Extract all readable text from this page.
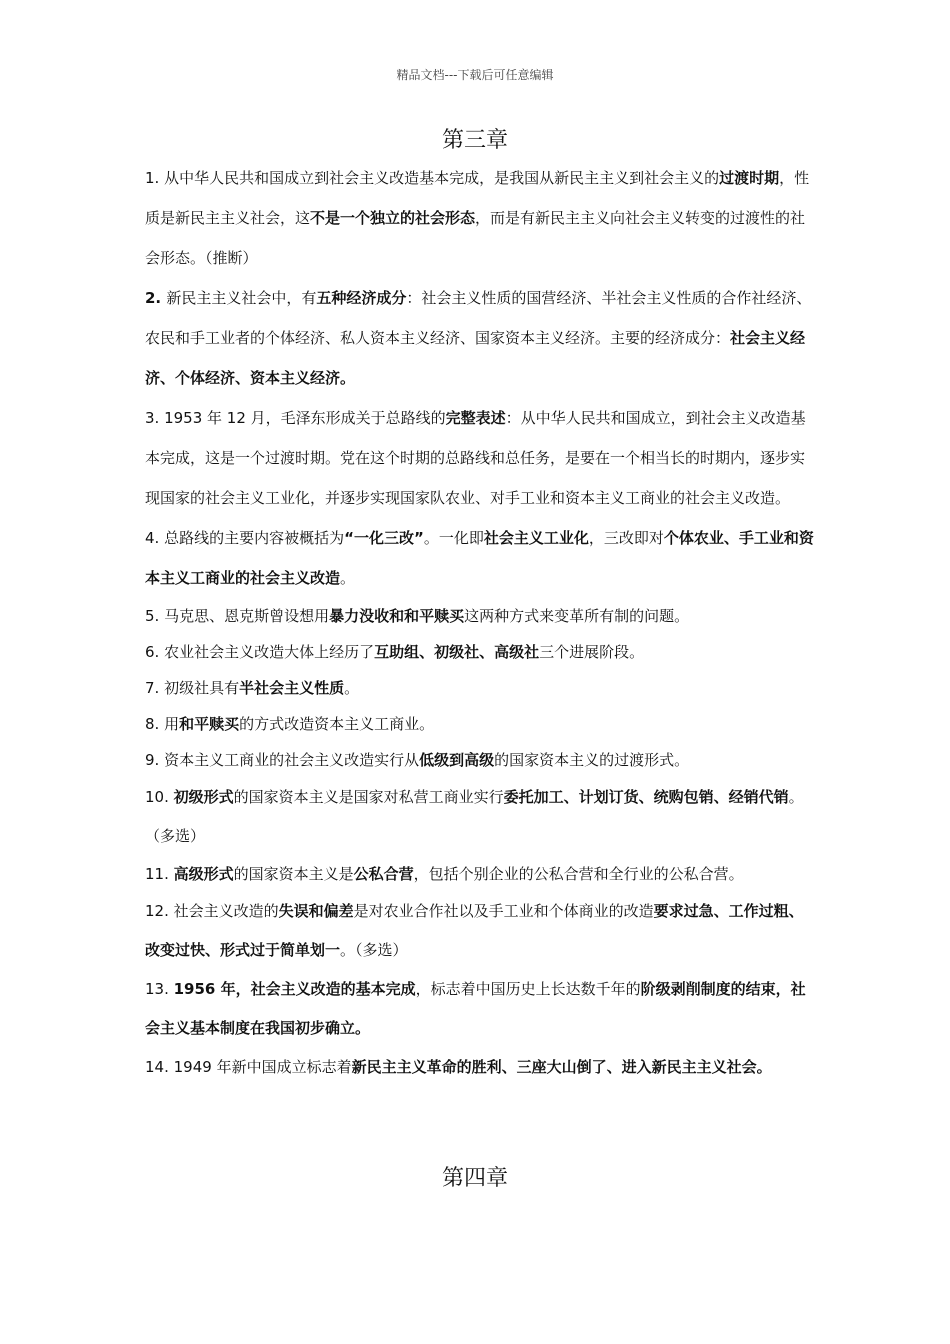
精品文档---下载后可任意编辑
第三章

1. 从中华人民共和国成立到社会主义改造基本完成，是我国从新民主主义到社会主义的过渡时期，性质是新民主主义社会，这不是一个独立的社会形态，而是有新民主主义向社会主义转变的过渡性的社会形态。（推断）

2. 新民主主义社会中，有五种经济成分：社会主义性质的国营经济、半社会主义性质的合作社经济、农民和手工业者的个体经济、私人资本主义经济、国家资本主义经济。主要的经济成分：社会主义经济、个体经济、资本主义经济。

3. 1953 年 12 月，毛泽东形成关于总路线的完整表述：从中华人民共和国成立，到社会主义改造基本完成，这是一个过渡时期。党在这个时期的总路线和总任务，是要在一个相当长的时期内，逐步实现国家的社会主义工业化，并逐步实现国家队农业、对手工业和资本主义工商业的社会主义改造。

4. 总路线的主要内容被概括为“一化三改”。一化即社会主义工业化，三改即对个体农业、手工业和资本主义工商业的社会主义改造。

5. 马克思、恩克斯曾设想用暴力没收和和平赎买这两种方式来变革所有制的问题。

6. 农业社会主义改造大体上经历了互助组、初级社、高级社三个进展阶段。

7. 初级社具有半社会主义性质。

8. 用和平赎买的方式改造资本主义工商业。

9. 资本主义工商业的社会主义改造实行从低级到高级的国家资本主义的过渡形式。

10. 初级形式的国家资本主义是国家对私营工商业实行委托加工、计划订货、统购包销、经销代销。（多选）

11. 高级形式的国家资本主义是公私合营，包括个别企业的公私合营和全行业的公私合营。

12. 社会主义改造的失误和偏差是对农业合作社以及手工业和个体商业的改造要求过急、工作过粗、改变过快、形式过于简单划一。（多选）

13. 1956 年，社会主义改造的基本完成，标志着中国历史上长达数千年的阶级剥削制度的结束，社会主义基本制度在我国初步确立。

14. 1949 年新中国成立标志着新民主主义革命的胜利、三座大山倒了、进入新民主主义社会。

第四章
